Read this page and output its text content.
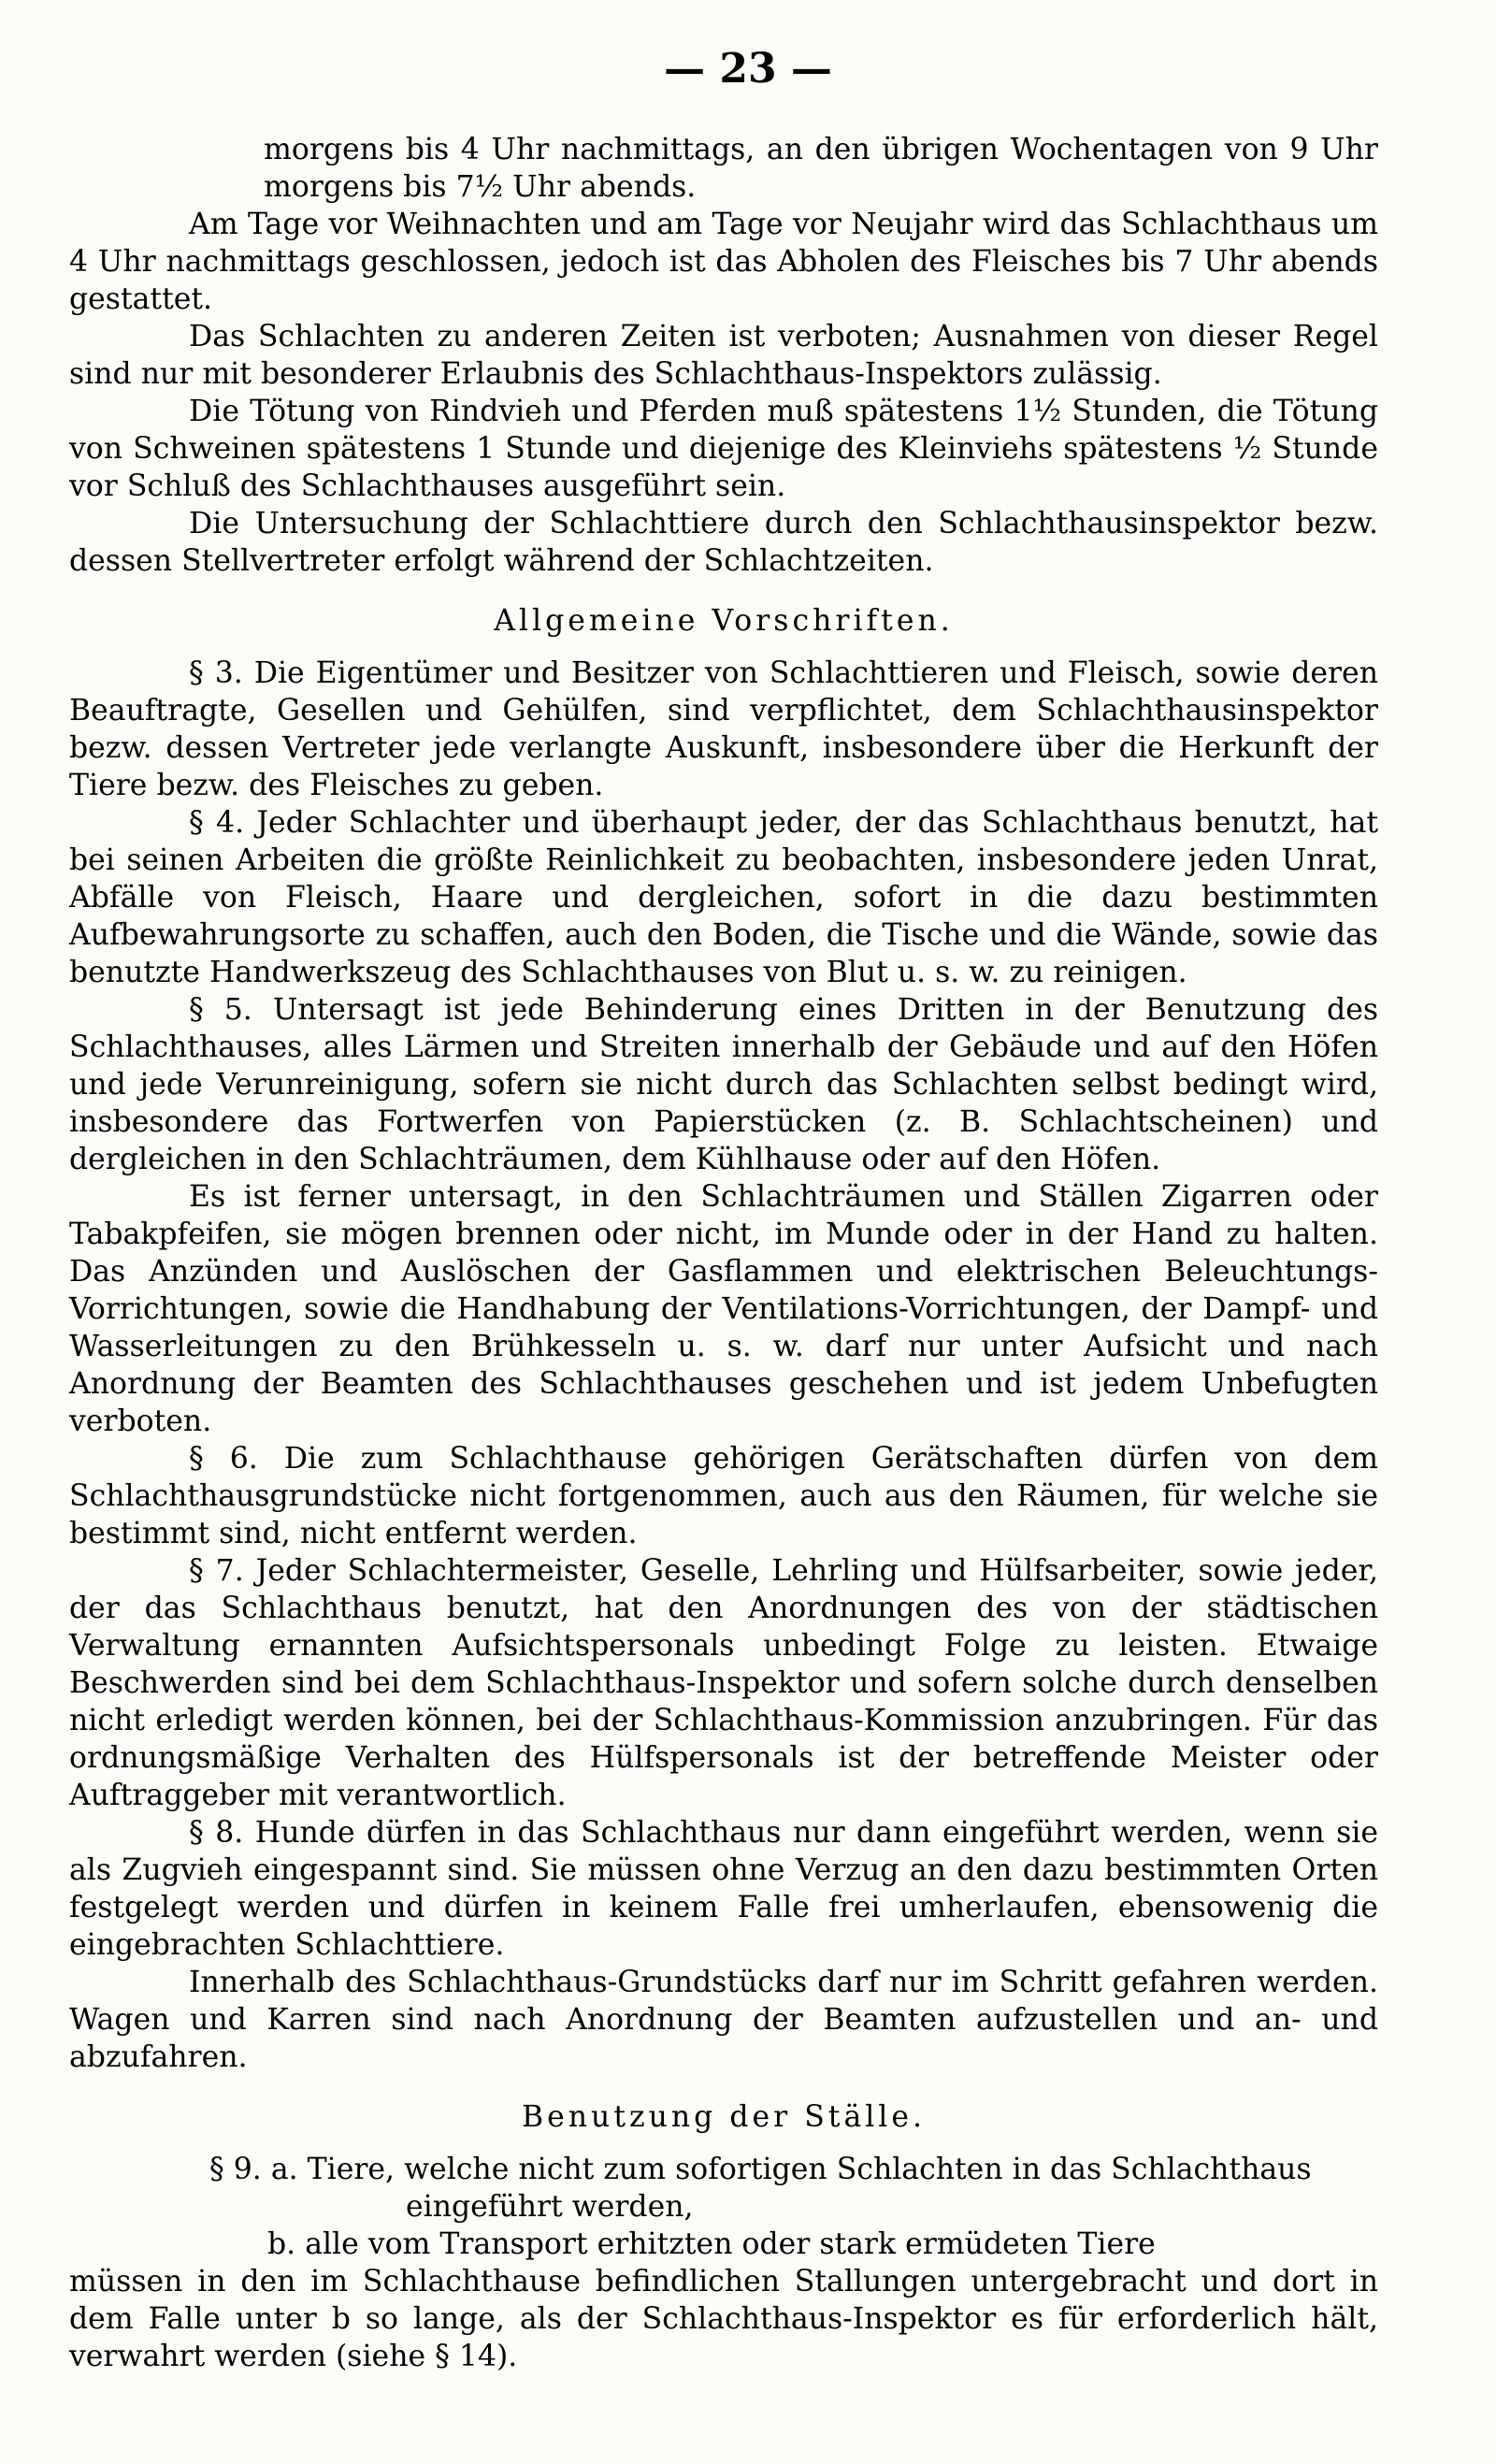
— 23 —

morgens bis 4 Uhr nachmittags, an den übrigen Wochentagen von 9 Uhr morgens bis 7½ Uhr abends.

Am Tage vor Weihnachten und am Tage vor Neujahr wird das Schlachthaus um 4 Uhr nachmittags geschlossen, jedoch ist das Abholen des Fleisches bis 7 Uhr abends gestattet.

Das Schlachten zu anderen Zeiten ist verboten; Ausnahmen von dieser Regel sind nur mit besonderer Erlaubnis des Schlachthaus-Inspektors zulässig.

Die Tötung von Rindvieh und Pferden muß spätestens 1½ Stunden, die Tötung von Schweinen spätestens 1 Stunde und diejenige des Kleinviehs spätestens ½ Stunde vor Schluß des Schlachthauses ausgeführt sein.

Die Untersuchung der Schlachttiere durch den Schlachthausinspektor bezw. dessen Stellvertreter erfolgt während der Schlachtzeiten.

Allgemeine Vorschriften.

§ 3. Die Eigentümer und Besitzer von Schlachttieren und Fleisch, sowie deren Beauftragte, Gesellen und Gehülfen, sind verpflichtet, dem Schlachthausinspektor bezw. dessen Vertreter jede verlangte Auskunft, insbesondere über die Herkunft der Tiere bezw. des Fleisches zu geben.

§ 4. Jeder Schlachter und überhaupt jeder, der das Schlachthaus benutzt, hat bei seinen Arbeiten die größte Reinlichkeit zu beobachten, insbesondere jeden Unrat, Abfälle von Fleisch, Haare und dergleichen, sofort in die dazu bestimmten Aufbewahrungsorte zu schaffen, auch den Boden, die Tische und die Wände, sowie das benutzte Handwerkszeug des Schlachthauses von Blut u. s. w. zu reinigen.

§ 5. Untersagt ist jede Behinderung eines Dritten in der Benutzung des Schlachthauses, alles Lärmen und Streiten innerhalb der Gebäude und auf den Höfen und jede Verunreinigung, sofern sie nicht durch das Schlachten selbst bedingt wird, insbesondere das Fortwerfen von Papierstücken (z. B. Schlachtscheinen) und dergleichen in den Schlachträumen, dem Kühlhause oder auf den Höfen.

Es ist ferner untersagt, in den Schlachträumen und Ställen Zigarren oder Tabakpfeifen, sie mögen brennen oder nicht, im Munde oder in der Hand zu halten. Das Anzünden und Auslöschen der Gasflammen und elektrischen Beleuchtungs-Vorrichtungen, sowie die Handhabung der Ventilations-Vorrichtungen, der Dampf- und Wasserleitungen zu den Brühkesseln u. s. w. darf nur unter Aufsicht und nach Anordnung der Beamten des Schlachthauses geschehen und ist jedem Unbefugten verboten.

§ 6. Die zum Schlachthause gehörigen Gerätschaften dürfen von dem Schlachthausgrundstücke nicht fortgenommen, auch aus den Räumen, für welche sie bestimmt sind, nicht entfernt werden.

§ 7. Jeder Schlachtermeister, Geselle, Lehrling und Hülfsarbeiter, sowie jeder, der das Schlachthaus benutzt, hat den Anordnungen des von der städtischen Verwaltung ernannten Aufsichtspersonals unbedingt Folge zu leisten. Etwaige Beschwerden sind bei dem Schlachthaus-Inspektor und sofern solche durch denselben nicht erledigt werden können, bei der Schlachthaus-Kommission anzubringen. Für das ordnungsmäßige Verhalten des Hülfspersonals ist der betreffende Meister oder Auftraggeber mit verantwortlich.

§ 8. Hunde dürfen in das Schlachthaus nur dann eingeführt werden, wenn sie als Zugvieh eingespannt sind. Sie müssen ohne Verzug an den dazu bestimmten Orten festgelegt werden und dürfen in keinem Falle frei umherlaufen, ebensowenig die eingebrachten Schlachttiere.

Innerhalb des Schlachthaus-Grundstücks darf nur im Schritt gefahren werden. Wagen und Karren sind nach Anordnung der Beamten aufzustellen und an- und abzufahren.

Benutzung der Ställe.

§ 9. a. Tiere, welche nicht zum sofortigen Schlachten in das Schlachthaus eingeführt werden,

b. alle vom Transport erhitzten oder stark ermüdeten Tiere

müssen in den im Schlachthause befindlichen Stallungen untergebracht und dort in dem Falle unter b so lange, als der Schlachthaus-Inspektor es für erforderlich hält, verwahrt werden (siehe § 14).
